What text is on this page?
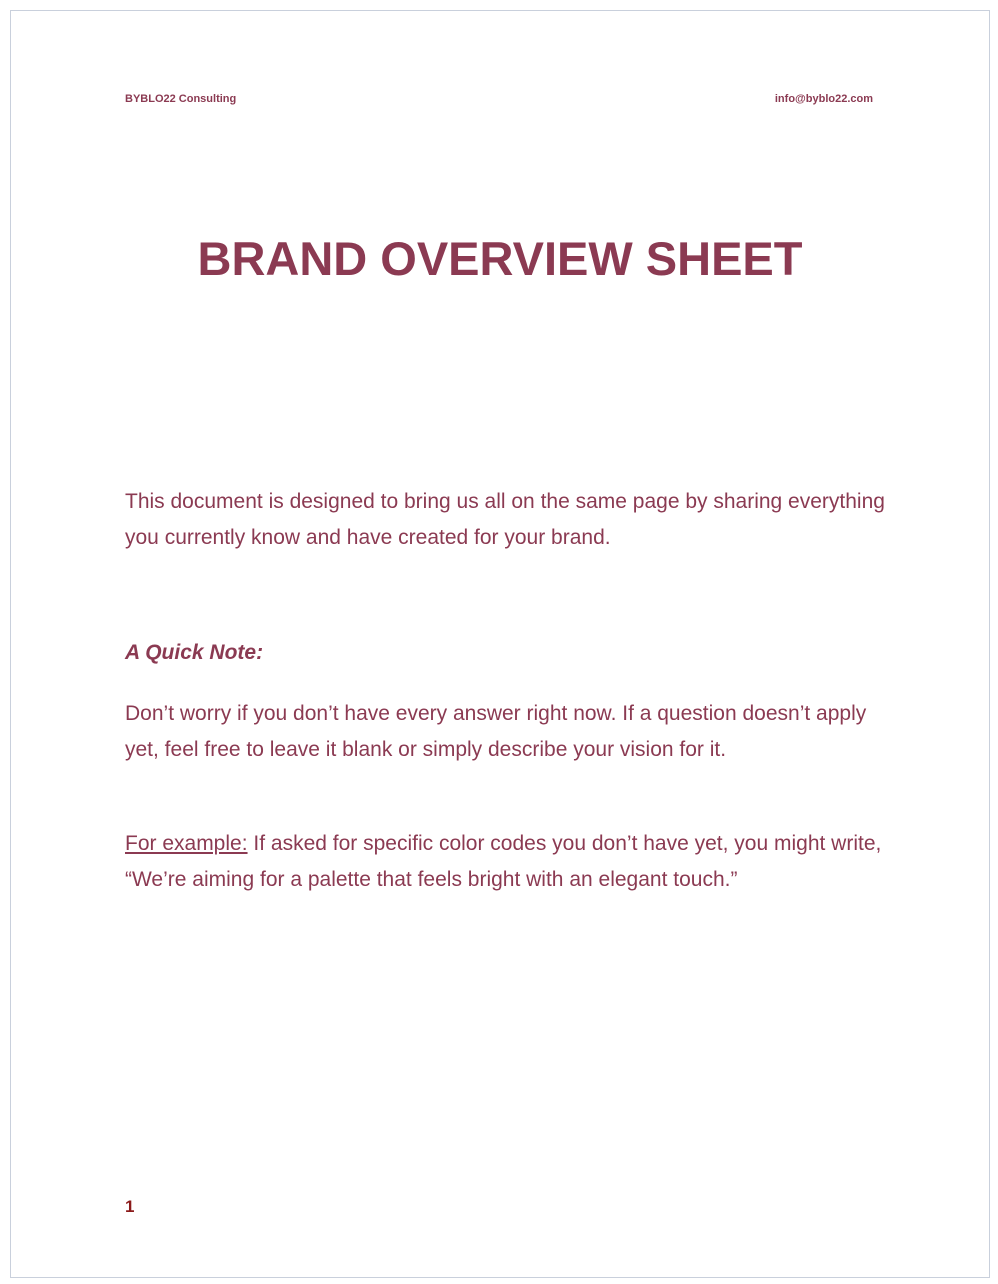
BYBLO22 Consulting	info@byblo22.com
BRAND OVERVIEW SHEET

This document is designed to bring us all on the same page by sharing everything you currently know and have created for your brand.

A Quick Note:

Don’t worry if you don’t have every answer right now. If a question doesn’t apply yet, feel free to leave it blank or simply describe your vision for it.

For example: If asked for specific color codes you don’t have yet, you might write, “We’re aiming for a palette that feels bright with an elegant touch.”

1
